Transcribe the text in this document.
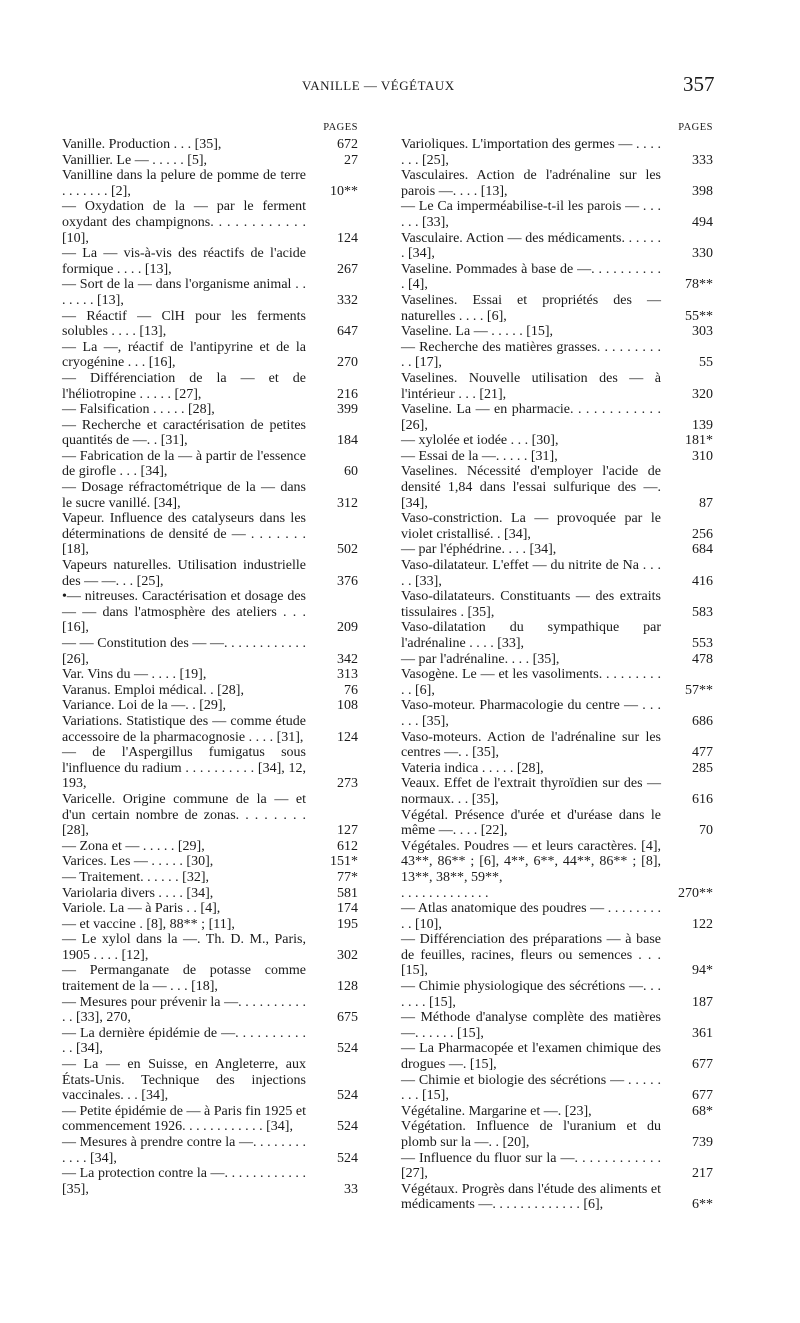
VANILLE — VÉGÉTAUX	357
PAGES
Vanille. Production . . . [35],	672
Vanillier. Le — . . . . . [5],	27
Vanilline dans la pelure de pomme de terre . . . . . . . [2],	10**
— Oxydation de la — par le ferment oxydant des champignons. . . . . . . . . . . . [10],	124
— La — vis-à-vis des réactifs de l'acide formique . . . . [13],	267
— Sort de la — dans l'organisme animal . . . . . . . [13],	332
— Réactif — ClH pour les ferments solubles . . . . [13],	647
— La —, réactif de l'antipyrine et de la cryogénine . . . [16],	270
— Différenciation de la — et de l'héliotropine . . . . . [27],	216
— Falsification . . . . . [28],	399
— Recherche et caractérisation de petites quantités de —. . [31],	184
— Fabrication de la — à partir de l'essence de girofle . . . [34],	60
— Dosage réfractométrique de la — dans le sucre vanillé. [34],	312
Vapeur. Influence des catalyseurs dans les déterminations de densité de — . . . . . . . [18],	502
Vapeurs naturelles. Utilisation industrielle des — —. . . [25],	376
•— nitreuses. Caractérisation et dosage des — — dans l'atmosphère des ateliers . . . [16],	209
— — Constitution des — —. . . . . . . . . . . . [26],	342
Var. Vins du — . . . . [19],	313
Varanus. Emploi médical. . [28],	76
Variance. Loi de la —. . [29],	108
Variations. Statistique des — comme étude accessoire de la pharmacognosie . . . . [31],	124
— de l'Aspergillus fumigatus sous l'influence du radium . . . . . . . . . . [34], 12, 193,	273
Varicelle. Origine commune de la — et d'un certain nombre de zonas. . . . . . . . [28],	127
— Zona et — . . . . . [29],	612
Varices. Les — . . . . . [30],	151*
— Traitement. . . . . . [32],	77*
Variolaria divers . . . . [34],	581
Variole. La — à Paris . . [4],	174
— et vaccine . [8], 88** ; [11],	195
— Le xylol dans la —. Th. D. M., Paris, 1905 . . . . [12],	302
— Permanganate de potasse comme traitement de la — . . . [18],	128
— Mesures pour prévenir la —. . . . . . . . . . . . [33], 270,	675
— La dernière épidémie de —. . . . . . . . . . . . [34],	524
— La — en Suisse, en Angleterre, aux États-Unis. Technique des injections vaccinales. . . [34],	524
— Petite épidémie de — à Paris fin 1925 et commencement 1926. . . . . . . . . . . . [34],	524
— Mesures à prendre contre la —. . . . . . . . . . . . [34],	524
— La protection contre la —. . . . . . . . . . . . [35],	33
PAGES
Varioliques. L'importation des germes — . . . . . . . [25],	333
Vasculaires. Action de l'adrénaline sur les parois —. . . . [13],	398
— Le Ca imperméabilise-t-il les parois — . . . . . . [33],	494
Vasculaire. Action — des médicaments. . . . . . . [34],	330
Vaseline. Pommades à base de —. . . . . . . . . . . [4],	78**
Vaselines. Essai et propriétés des — naturelles . . . . [6],	55**
Vaseline. La — . . . . . [15],	303
— Recherche des matières grasses. . . . . . . . . . . [17],	55
Vaselines. Nouvelle utilisation des — à l'intérieur . . . [21],	320
Vaseline. La — en pharmacie. . . . . . . . . . . . [26],	139
— xylolée et iodée . . . [30],	181*
— Essai de la —. . . . . [31],	310
Vaselines. Nécessité d'employer l'acide de densité 1,84 dans l'essai sulfurique des —. [34],	87
Vaso-constriction. La — provoquée par le violet cristallisé. . [34],	256
— par l'éphédrine. . . . [34],	684
Vaso-dilatateur. L'effet — du nitrite de Na . . . . . [33],	416
Vaso-dilatateurs. Constituants — des extraits tissulaires . [35],	583
Vaso-dilatation du sympathique par l'adrénaline . . . . [33],	553
— par l'adrénaline. . . . [35],	478
Vasogène. Le — et les vasoliments. . . . . . . . . . . [6],	57**
Vaso-moteur. Pharmacologie du centre — . . . . . . [35],	686
Vaso-moteurs. Action de l'adrénaline sur les centres —. . [35],	477
Vateria indica . . . . . [28],	285
Veaux. Effet de l'extrait thyroïdien sur des — normaux. . . [35],	616
Végétal. Présence d'urée et d'uréase dans le même —. . . . [22],	70
Végétales. Poudres — et leurs caractères. [4], 43**, 86** ; [6], 4**, 6**, 44**, 86** ; [8], 13**, 38**, 59**,
. . . . . . . . . . . . .	270**
— Atlas anatomique des poudres — . . . . . . . . . . [10],	122
— Différenciation des préparations — à base de feuilles, racines, fleurs ou semences . . . [15],	94*
— Chimie physiologique des sécrétions —. . . . . . . [15],	187
— Méthode d'analyse complète des matières —. . . . . . [15],	361
— La Pharmacopée et l'examen chimique des drogues —. [15],	677
— Chimie et biologie des sécrétions — . . . . . . . . [15],	677
Végétaline. Margarine et —. [23],	68*
Végétation. Influence de l'uranium et du plomb sur la —. . [20],	739
— Influence du fluor sur la —. . . . . . . . . . . . [27],	217
Végétaux. Progrès dans l'étude des aliments et médicaments —. . . . . . . . . . . . . [6],	6**
